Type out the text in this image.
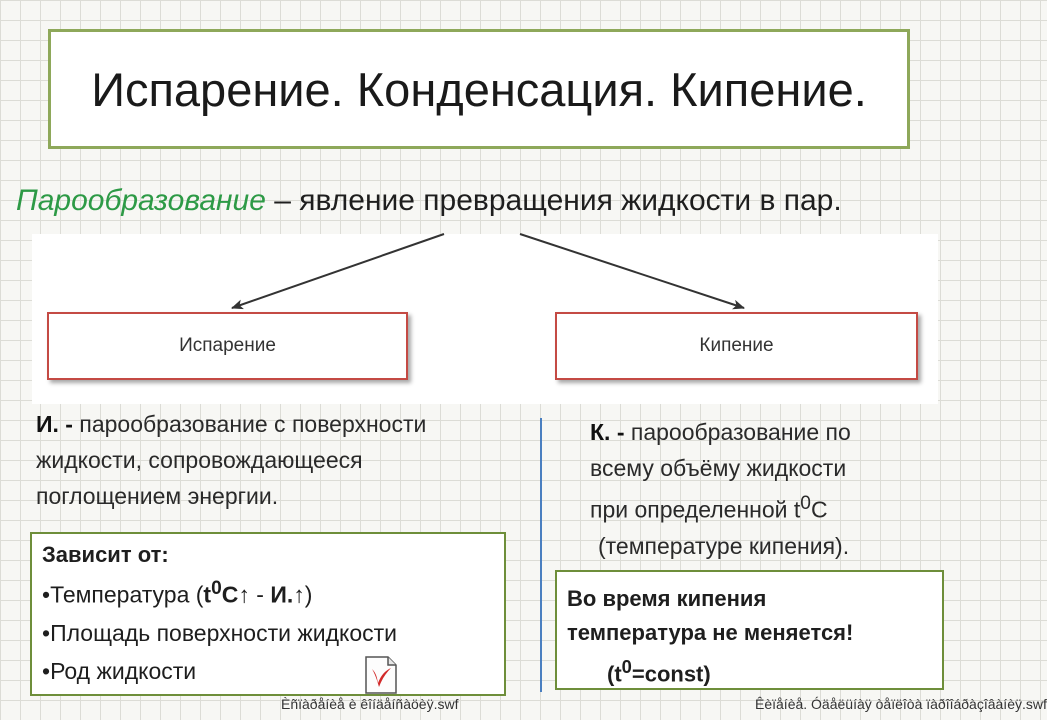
Испарение. Конденсация. Кипение.
Парообразование – явление превращения жидкости в пар.
Испарение	Кипение
И. - парообразование с поверхности
жидкости, сопровождающееся
поглощением энергии.
К. - парообразование по
всему объёму жидкости
при определенной $t^0С$
(температуре кипения).
Зависит от:
•Температура ($t^0С↑$ - И.↑)
•Площадь поверхности жидкости
•Род жидкости
Во время кипения
температура не меняется!
$(t^0=const)$
Èñïàðåíèå è êîíäåíñàöèÿ.swf	Êèïåíèå. Óäåëüíàÿ òåïëîòà ïàðîîáðàçîâàíèÿ.swf
